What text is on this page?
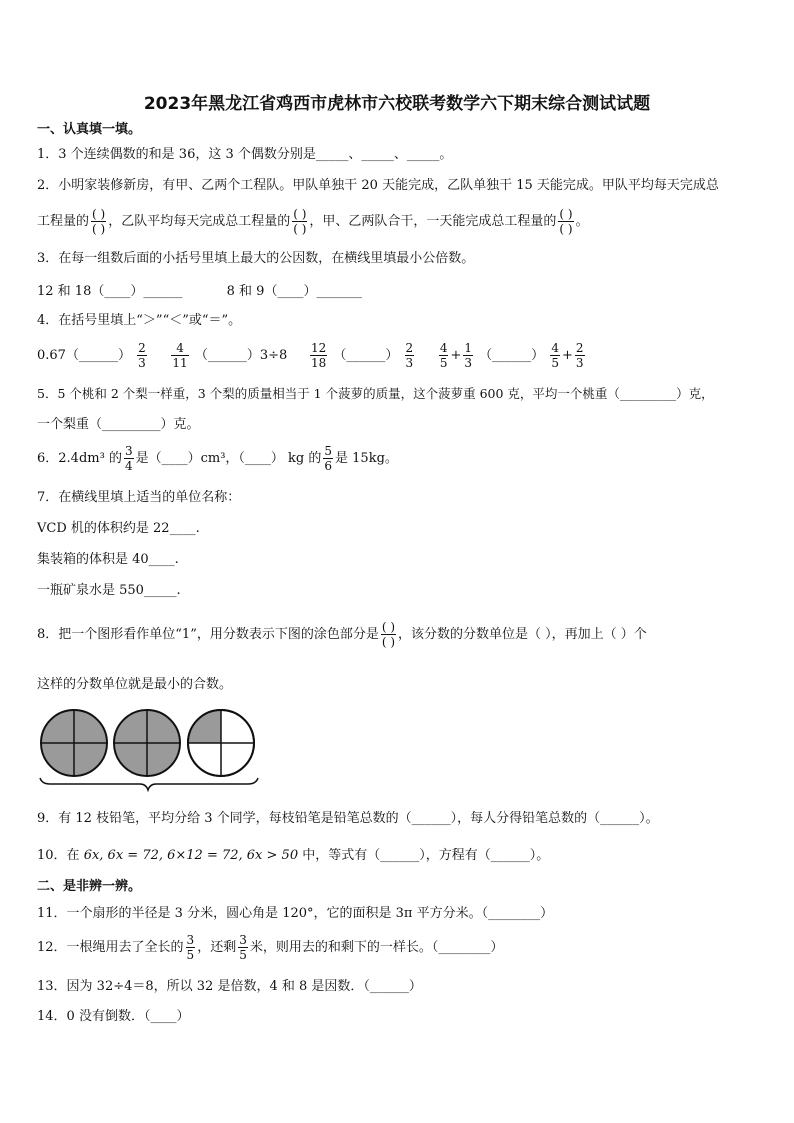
2023年黑龙江省鸡西市虎林市六校联考数学六下期末综合测试试题
一、认真填一填。
1．3 个连续偶数的和是 36，这 3 个偶数分别是_____、_____、_____。
2．小明家装修新房，有甲、乙两个工程队。甲队单独干 20 天能完成，乙队单独干 15 天能完成。甲队平均每天完成总
工程量的 $\frac{( )}{( )}$ ，乙队平均每天完成总工程量的 $\frac{( )}{( )}$ ，甲、乙两队合干，一天能完成总工程量的 $\frac{( )}{( )}$ 。
3．在每一组数后面的小括号里填上最大的公因数，在横线里填最小公倍数。
12 和 18（____）______	8 和 9（____）_______
4．在括号里填上“＞”“＜”或“＝”。
0.67（______） $\frac{2}{3}$
$\frac{4}{11}$ （______）3÷8 $\frac{12}{18}$ （______） $\frac{2}{3}$
$\frac{4}{5} + \frac{1}{3}$ （______） $\frac{4}{5} + \frac{2}{3}$
5．5 个桃和 2 个梨一样重，3 个梨的质量相当于 1 个菠萝的质量，这个菠萝重 600 克，平均一个桃重（_________）克，
一个梨重（_________）克。
6．2.4dm³ 的 $\frac{3}{4}$ 是（____）cm³，（____） kg 的 $\frac{5}{6}$ 是 15kg。
7．在横线里填上适当的单位名称：
VCD 机的体积约是 22____.
集装箱的体积是 40____.
一瓶矿泉水是 550_____.
8．把一个图形看作单位“1”，用分数表示下图的涂色部分是 $\frac{( )}{( )}$ ，该分数的分数单位是（ ），再加上（ ）个
这样的分数单位就是最小的合数。
9．有 12 枝铅笔，平均分给 3 个同学，每枝铅笔是铅笔总数的（______），每人分得铅笔总数的（______）。
10．在 6x, 6x = 72, 6×12 = 72, 6x > 50 中，等式有（______），方程有（______）。
二、是非辨一辨。
11．一个扇形的半径是 3 分米，圆心角是 120°，它的面积是 3π 平方分米。（________）
12．一根绳用去了全长的 $\frac{3}{5}$ ，还剩 $\frac{3}{5}$ 米，则用去的和剩下的一样长。（________）
13．因为 32÷4＝8，所以 32 是倍数，4 和 8 是因数．（______）
14．0 没有倒数．（____）
